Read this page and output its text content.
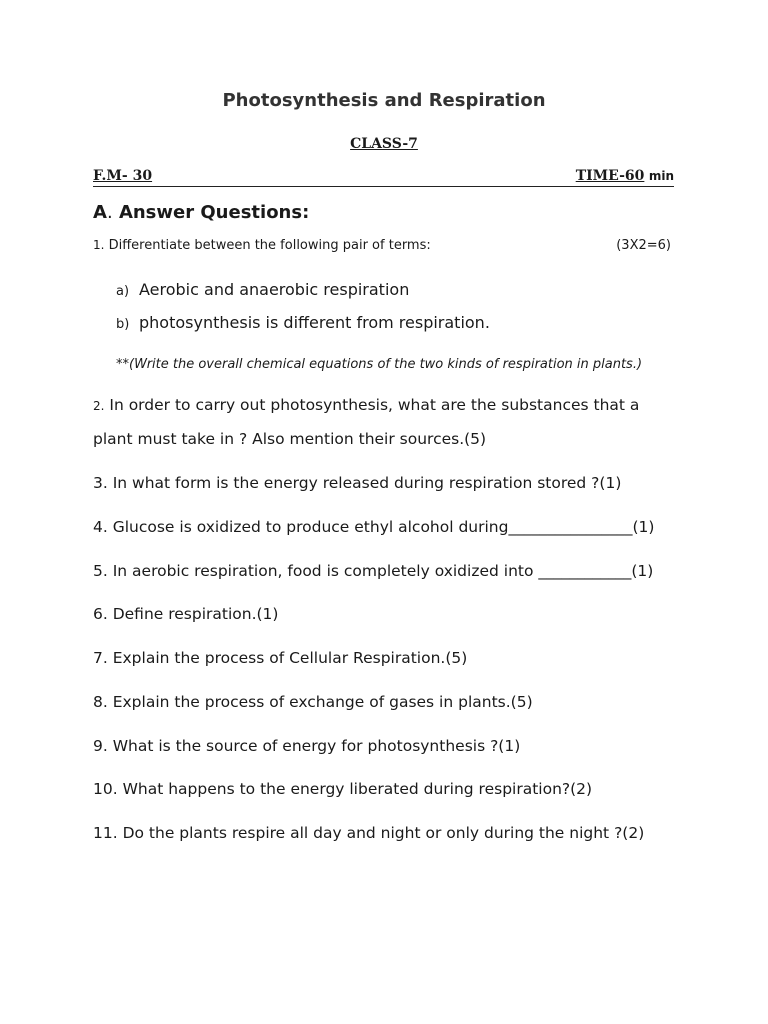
Photosynthesis and Respiration
CLASS-7
F.M- 30	TIME-60 min
A. Answer Questions:
1. Differentiate between the following pair of terms:	(3X2=6)
a) Aerobic and anaerobic respiration
b) photosynthesis is different from respiration.
**(Write the overall chemical equations of the two kinds of respiration in plants.)
2. In order to carry out photosynthesis, what are the substances that a
plant must take in ? Also mention their sources.(5)
3. In what form is the energy released during respiration stored ?(1)
4. Glucose is oxidized to produce ethyl alcohol during________________(1)
5. In aerobic respiration, food is completely oxidized into ____________(1)
6. Define respiration.(1)
7. Explain the process of Cellular Respiration.(5)
8. Explain the process of exchange of gases in plants.(5)
9. What is the source of energy for photosynthesis ?(1)
10. What happens to the energy liberated during respiration?(2)
11. Do the plants respire all day and night or only during the night ?(2)
